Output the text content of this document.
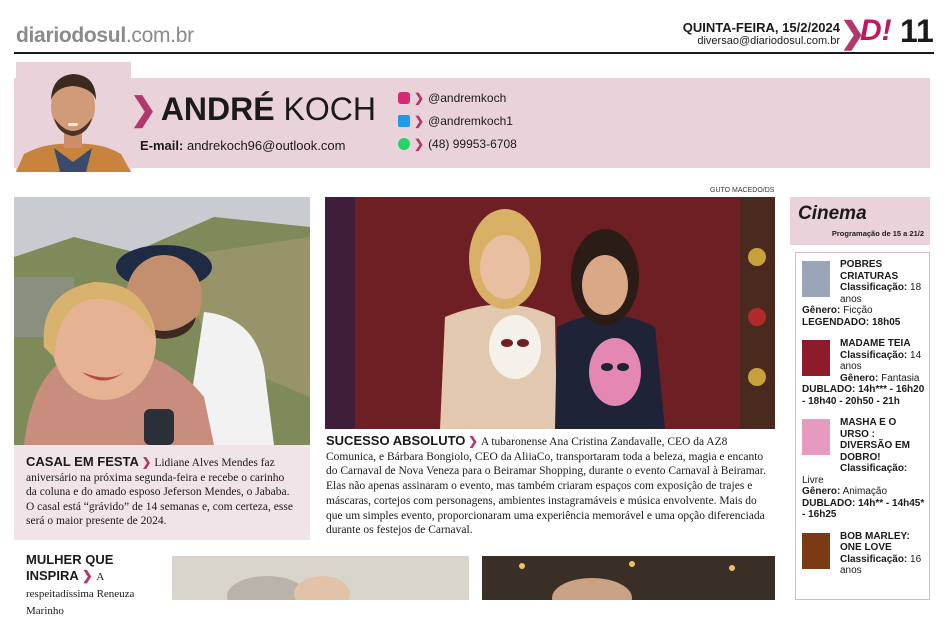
diariodosul.com.br	QUINTA-FEIRA, 15/2/2024
diversao@diariodosul.com.br ❯
D! 11
❯ ANDRÉ KOCH
E-mail: andrekoch96@outlook.com
❯ @andremkoch
❯ @andremkoch1
❯ (48) 99953-6708
GUTO MACEDO/DS
CASAL EM FESTA ❯ Lidiane Alves Mendes faz aniversário na próxima segunda-feira e recebe o carinho da coluna e do amado esposo Jeferson Mendes, o Jababa. O casal está “grávido” de 14 semanas e, com certeza, esse será o maior presente de 2024.
SUCESSO ABSOLUTO ❯ A tubaronense Ana Cristina Zandavalle, CEO da AZ8 Comunica, e Bárbara Bongiolo, CEO da AliiaCo, transportaram toda a beleza, magia e encanto do Carnaval de Nova Veneza para o Beiramar Shopping, durante o evento Carnaval à Beiramar. Elas não apenas assinaram o evento, mas também criaram espaços com exposição de trajes e máscaras, cortejos com personagens, ambientes instagramáveis e música envolvente. Mais do que um simples evento, proporcionaram uma experiência memorável e uma opção diferenciada durante os festejos de Carnaval.
Cinema
Programação de 15 a 21/2
POBRES CRIATURAS
Classificação: 18 anos
Gênero: Ficção
LEGENDADO: 18h05
MADAME TEIA
Classificação: 14 anos
Gênero: Fantasia
DUBLADO: 14h*** - 16h20 - 18h40 - 20h50 - 21h
MASHA E O URSO : DIVERSÃO EM DOBRO!
Classificação:
Livre
Gênero: Animação
DUBLADO: 14h** - 14h45* - 16h25
BOB MARLEY: ONE LOVE
Classificação: 16 anos
MULHER QUE INSPIRA ❯ A respeitadíssima Reneuza Marinho
